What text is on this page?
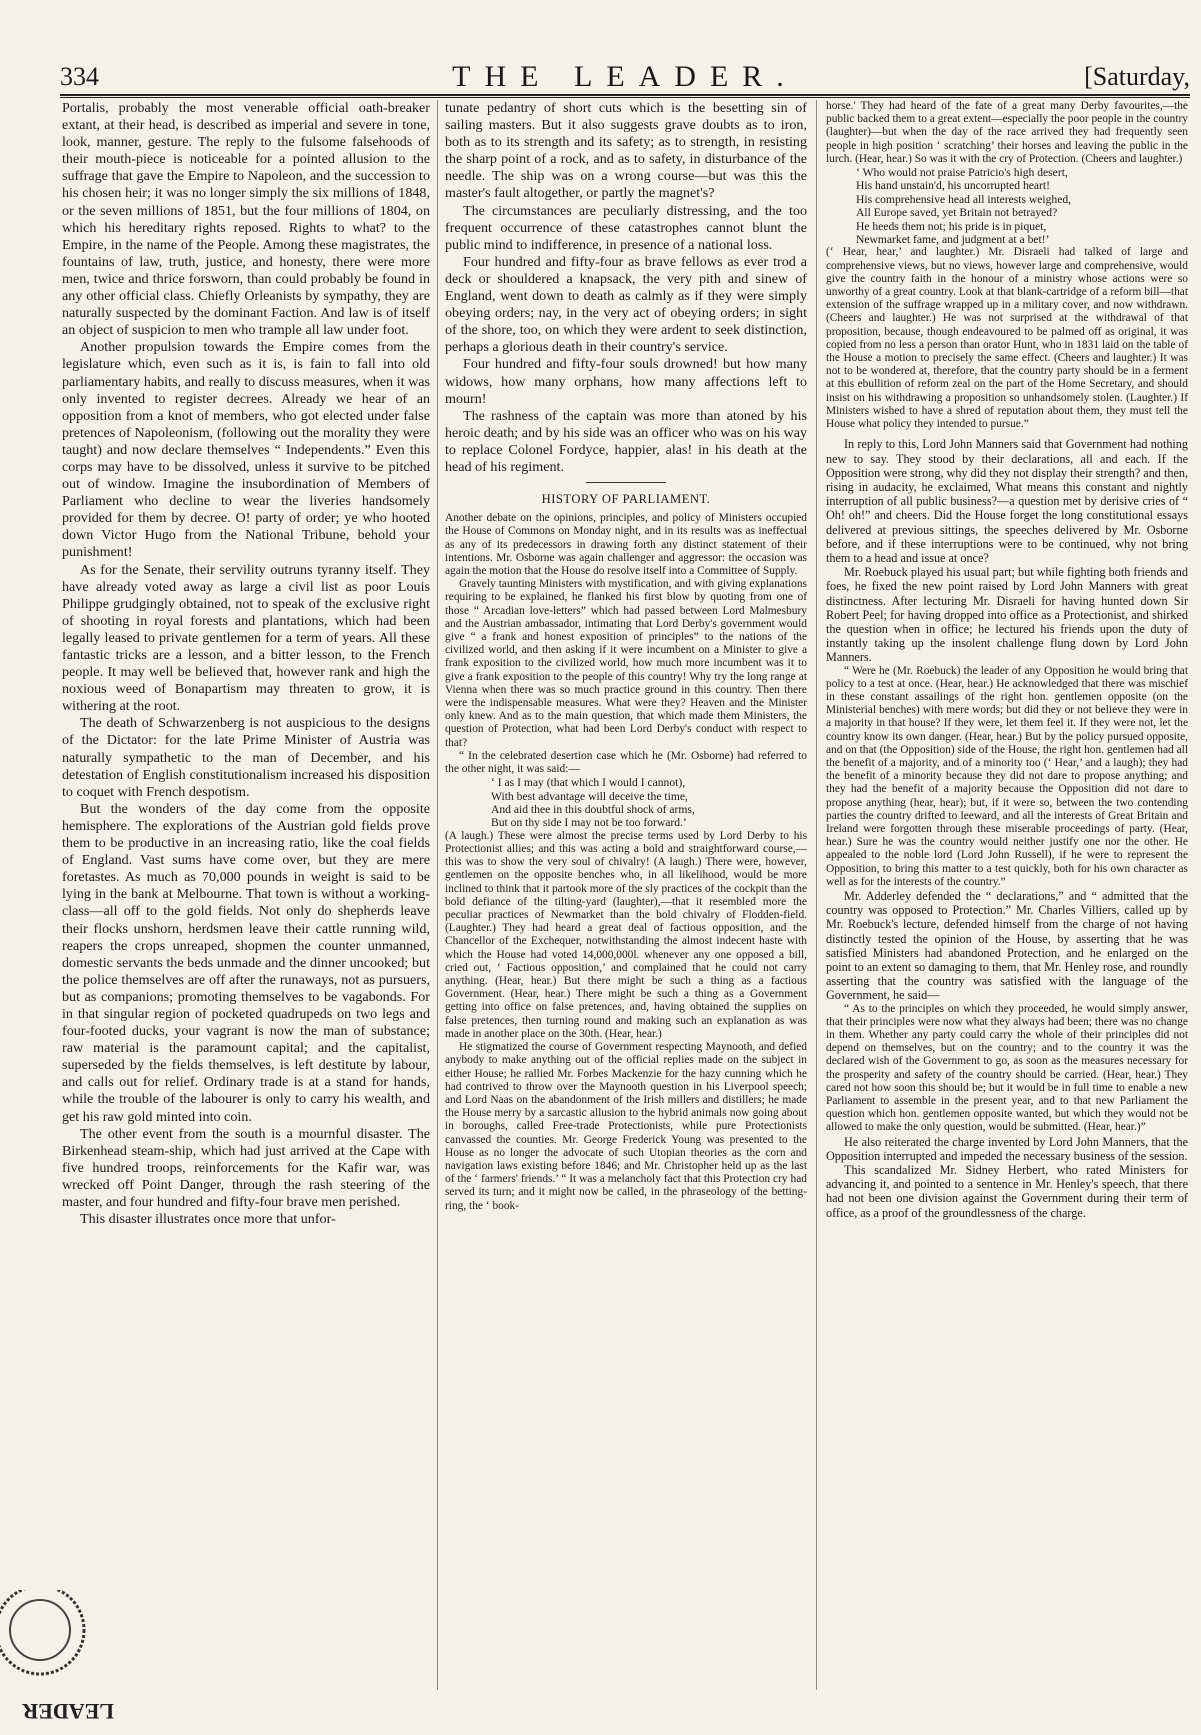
334	THE LEADER.	[Saturday,

Portalis, probably the most venerable official oath-breaker extant, at their head, is described as imperial and severe in tone, look, manner, gesture. The reply to the fulsome falsehoods of their mouth-piece is noticeable for a pointed allusion to the suffrage that gave the Empire to Napoleon, and the succession to his chosen heir; it was no longer simply the six millions of 1848, or the seven millions of 1851, but the four millions of 1804, on which his hereditary rights reposed. Rights to what? to the Empire, in the name of the People. Among these magistrates, the fountains of law, truth, justice, and honesty, there were more men, twice and thrice forsworn, than could probably be found in any other official class. Chiefly Orleanists by sympathy, they are naturally suspected by the dominant Faction. And law is of itself an object of suspicion to men who trample all law under foot.

Another propulsion towards the Empire comes from the legislature which, even such as it is, is fain to fall into old parliamentary habits, and really to discuss measures, when it was only invented to register decrees. Already we hear of an opposition from a knot of members, who got elected under false pretences of Napoleonism, (following out the morality they were taught) and now declare themselves “ Independents.” Even this corps may have to be dissolved, unless it survive to be pitched out of window. Imagine the insubordination of Members of Parliament who decline to wear the liveries handsomely provided for them by decree. O! party of order; ye who hooted down Victor Hugo from the National Tribune, behold your punishment!

As for the Senate, their servility outruns tyranny itself. They have already voted away as large a civil list as poor Louis Philippe grudgingly obtained, not to speak of the exclusive right of shooting in royal forests and plantations, which had been legally leased to private gentlemen for a term of years. All these fantastic tricks are a lesson, and a bitter lesson, to the French people. It may well be believed that, however rank and high the noxious weed of Bonapartism may threaten to grow, it is withering at the root.

The death of Schwarzenberg is not auspicious to the designs of the Dictator: for the late Prime Minister of Austria was naturally sympathetic to the man of December, and his detestation of English constitutionalism increased his disposition to coquet with French despotism.

But the wonders of the day come from the opposite hemisphere. The explorations of the Austrian gold fields prove them to be productive in an increasing ratio, like the coal fields of England. Vast sums have come over, but they are mere foretastes. As much as 70,000 pounds in weight is said to be lying in the bank at Melbourne. That town is without a working-class—all off to the gold fields. Not only do shepherds leave their flocks unshorn, herdsmen leave their cattle running wild, reapers the crops unreaped, shopmen the counter unmanned, domestic servants the beds unmade and the dinner uncooked; but the police themselves are off after the runaways, not as pursuers, but as companions; promoting themselves to be vagabonds. For in that singular region of pocketed quadrupeds on two legs and four-footed ducks, your vagrant is now the man of substance; raw material is the paramount capital; and the capitalist, superseded by the fields themselves, is left destitute by labour, and calls out for relief. Ordinary trade is at a stand for hands, while the trouble of the labourer is only to carry his wealth, and get his raw gold minted into coin.

The other event from the south is a mournful disaster. The Birkenhead steam-ship, which had just arrived at the Cape with five hundred troops, reinforcements for the Kafir war, was wrecked off Point Danger, through the rash steering of the master, and four hundred and fifty-four brave men perished.

This disaster illustrates once more that unfor-

tunate pedantry of short cuts which is the besetting sin of sailing masters. But it also suggests grave doubts as to iron, both as to its strength and its safety; as to strength, in resisting the sharp point of a rock, and as to safety, in disturbance of the needle. The ship was on a wrong course—but was this the master's fault altogether, or partly the magnet's?

The circumstances are peculiarly distressing, and the too frequent occurrence of these catastrophes cannot blunt the public mind to indifference, in presence of a national loss.

Four hundred and fifty-four as brave fellows as ever trod a deck or shouldered a knapsack, the very pith and sinew of England, went down to death as calmly as if they were simply obeying orders; nay, in the very act of obeying orders; in sight of the shore, too, on which they were ardent to seek distinction, perhaps a glorious death in their country's service.

Four hundred and fifty-four souls drowned! but how many widows, how many orphans, how many affections left to mourn!

The rashness of the captain was more than atoned by his heroic death; and by his side was an officer who was on his way to replace Colonel Fordyce, happier, alas! in his death at the head of his regiment.

HISTORY OF PARLIAMENT.

Another debate on the opinions, principles, and policy of Ministers occupied the House of Commons on Monday night, and in its results was as ineffectual as any of its predecessors in drawing forth any distinct statement of their intentions. Mr. Osborne was again challenger and aggressor: the occasion was again the motion that the House do resolve itself into a Committee of Supply.

Gravely taunting Ministers with mystification, and with giving explanations requiring to be explained, he flanked his first blow by quoting from one of those “ Arcadian love-letters” which had passed between Lord Malmesbury and the Austrian ambassador, intimating that Lord Derby's government would give “ a frank and honest exposition of principles” to the nations of the civilized world, and then asking if it were incumbent on a Minister to give a frank exposition to the civilized world, how much more incumbent was it to give a frank exposition to the people of this country! Why try the long range at Vienna when there was so much practice ground in this country. Then there were the indispensable measures. What were they? Heaven and the Minister only knew. And as to the main question, that which made them Ministers, the question of Protection, what had been Lord Derby's conduct with respect to that?

“ In the celebrated desertion case which he (Mr. Osborne) had referred to the other night, it was said:—

‘ I as I may (that which I would I cannot),
With best advantage will deceive the time,
And aid thee in this doubtful shock of arms,
But on thy side I may not be too forward.’

(A laugh.) These were almost the precise terms used by Lord Derby to his Protectionist allies; and this was acting a bold and straightforward course,—this was to show the very soul of chivalry! (A laugh.) There were, however, gentlemen on the opposite benches who, in all likelihood, would be more inclined to think that it partook more of the sly practices of the cockpit than the bold defiance of the tilting-yard (laughter),—that it resembled more the peculiar practices of Newmarket than the bold chivalry of Flodden-field. (Laughter.) They had heard a great deal of factious opposition, and the Chancellor of the Exchequer, notwithstanding the almost indecent haste with which the House had voted 14,000,000l. whenever any one opposed a bill, cried out, ‘ Factious opposition,’ and complained that he could not carry anything. (Hear, hear.) But there might be such a thing as a factious Government. (Hear, hear.) There might be such a thing as a Government getting into office on false pretences, and, having obtained the supplies on false pretences, then turning round and making such an explanation as was made in another place on the 30th. (Hear, hear.)

He stigmatized the course of Government respecting Maynooth, and defied anybody to make anything out of the official replies made on the subject in either House; he rallied Mr. Forbes Mackenzie for the hazy cunning which he had contrived to throw over the Maynooth question in his Liverpool speech; and Lord Naas on the abandonment of the Irish millers and distillers; he made the House merry by a sarcastic allusion to the hybrid animals now going about in boroughs, called Free-trade Protectionists, while pure Protectionists canvassed the counties. Mr. George Frederick Young was presented to the House as no longer the advocate of such Utopian theories as the corn and navigation laws existing before 1846; and Mr. Christopher held up as the last of the ‘ farmers' friends.’ “ It was a melancholy fact that this Protection cry had served its turn; and it might now be called, in the phraseology of the betting-ring, the ‘ book-

horse.' They had heard of the fate of a great many Derby favourites,—the public backed them to a great extent—especially the poor people in the country (laughter)—but when the day of the race arrived they had frequently seen people in high position ‘ scratching’ their horses and leaving the public in the lurch. (Hear, hear.) So was it with the cry of Protection. (Cheers and laughter.)

‘ Who would not praise Patricio's high desert,
His hand unstain'd, his uncorrupted heart!
His comprehensive head all interests weighed,
All Europe saved, yet Britain not betrayed?
He heeds them not; his pride is in piquet,
Newmarket fame, and judgment at a bet!’

(‘ Hear, hear,’ and laughter.) Mr. Disraeli had talked of large and comprehensive views, but no views, however large and comprehensive, would give the country faith in the honour of a ministry whose actions were so unworthy of a great country. Look at that blank-cartridge of a reform bill—that extension of the suffrage wrapped up in a military cover, and now withdrawn. (Cheers and laughter.) He was not surprised at the withdrawal of that proposition, because, though endeavoured to be palmed off as original, it was copied from no less a person than orator Hunt, who in 1831 laid on the table of the House a motion to precisely the same effect. (Cheers and laughter.) It was not to be wondered at, therefore, that the country party should be in a ferment at this ebullition of reform zeal on the part of the Home Secretary, and should insist on his withdrawing a proposition so unhandsomely stolen. (Laughter.) If Ministers wished to have a shred of reputation about them, they must tell the House what policy they intended to pursue.”

In reply to this, Lord John Manners said that Government had nothing new to say. They stood by their declarations, all and each. If the Opposition were strong, why did they not display their strength? and then, rising in audacity, he exclaimed, What means this constant and nightly interruption of all public business?—a question met by derisive cries of “ Oh! oh!” and cheers. Did the House forget the long constitutional essays delivered at previous sittings, the speeches delivered by Mr. Osborne before, and if these interruptions were to be continued, why not bring them to a head and issue at once?

Mr. Roebuck played his usual part; but while fighting both friends and foes, he fixed the new point raised by Lord John Manners with great distinctness. After lecturing Mr. Disraeli for having hunted down Sir Robert Peel; for having dropped into office as a Protectionist, and shirked the question when in office; he lectured his friends upon the duty of instantly taking up the insolent challenge flung down by Lord John Manners.

“ Were he (Mr. Roebuck) the leader of any Opposition he would bring that policy to a test at once. (Hear, hear.) He acknowledged that there was mischief in these constant assailings of the right hon. gentlemen opposite (on the Ministerial benches) with mere words; but did they or not believe they were in a majority in that house? If they were, let them feel it. If they were not, let the country know its own danger. (Hear, hear.) But by the policy pursued opposite, and on that (the Opposition) side of the House, the right hon. gentlemen had all the benefit of a majority, and of a minority too (‘ Hear,’ and a laugh); they had the benefit of a minority because they did not dare to propose anything; and they had the benefit of a majority because the Opposition did not dare to propose anything (hear, hear); but, if it were so, between the two contending parties the country drifted to leeward, and all the interests of Great Britain and Ireland were forgotten through these miserable proceedings of party. (Hear, hear.) Sure he was the country would neither justify one nor the other. He appealed to the noble lord (Lord John Russell), if he were to represent the Opposition, to bring this matter to a test quickly, both for his own character as well as for the interests of the country.”

Mr. Adderley defended the “ declarations,” and “ admitted that the country was opposed to Protection.” Mr. Charles Villiers, called up by Mr. Roebuck's lecture, defended himself from the charge of not having distinctly tested the opinion of the House, by asserting that he was satisfied Ministers had abandoned Protection, and he enlarged on the point to an extent so damaging to them, that Mr. Henley rose, and roundly asserting that the country was satisfied with the language of the Government, he said—

“ As to the principles on which they proceeded, he would simply answer, that their principles were now what they always had been; there was no change in them. Whether any party could carry the whole of their principles did not depend on themselves, but on the country; and to the country it was the declared wish of the Government to go, as soon as the measures necessary for the prosperity and safety of the country should be carried. (Hear, hear.) They cared not how soon this should be; but it would be in full time to enable a new Parliament to assemble in the present year, and to that new Parliament the question which hon. gentlemen opposite wanted, but which they would not be allowed to make the only question, would be submitted. (Hear, hear.)”

He also reiterated the charge invented by Lord John Manners, that the Opposition interrupted and impeded the necessary business of the session.

This scandalized Mr. Sidney Herbert, who rated Ministers for advancing it, and pointed to a sentence in Mr. Henley's speech, that there had not been one division against the Government during their term of office, as a proof of the groundlessness of the charge.

LEADER
